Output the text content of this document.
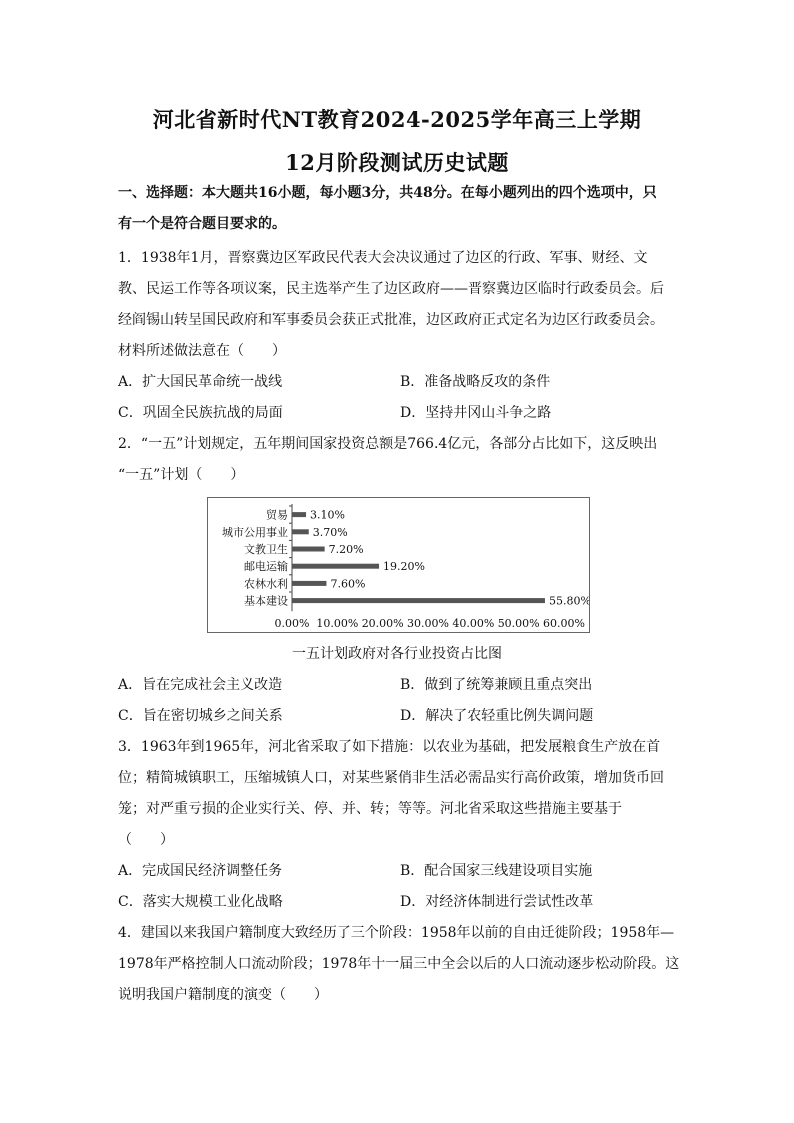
河北省新时代NT教育2024-2025学年高三上学期
12月阶段测试历史试题
一、选择题：本大题共16小题，每小题3分，共48分。在每小题列出的四个选项中，只
有一个是符合题目要求的。
1．1938年1月，晋察冀边区军政民代表大会决议通过了边区的行政、军事、财经、文
教、民运工作等各项议案，民主选举产生了边区政府——晋察冀边区临时行政委员会。后
经阎锡山转呈国民政府和军事委员会获正式批准，边区政府正式定名为边区行政委员会。
材料所述做法意在（　　）
A．扩大国民革命统一战线	B．准备战略反攻的条件
C．巩固全民族抗战的局面	D．坚持井冈山斗争之路
2．“一五”计划规定，五年期间国家投资总额是766.4亿元，各部分占比如下，这反映出
“一五”计划（　　）
贸易 3.10%
城市公用事业 3.70%
文教卫生	7.20%
邮电运输	19.20%
农林水利	7.60%
基本建设	55.80%
0.00% 10.00% 20.00% 30.00% 40.00% 50.00% 60.00%
一五计划政府对各行业投资占比图
A．旨在完成社会主义改造	B．做到了统筹兼顾且重点突出
C．旨在密切城乡之间关系	D．解决了农轻重比例失调问题
3．1963年到1965年，河北省采取了如下措施：以农业为基础，把发展粮食生产放在首
位；精简城镇职工，压缩城镇人口，对某些紧俏非生活必需品实行高价政策，增加货币回
笼；对严重亏损的企业实行关、停、并、转；等等。河北省采取这些措施主要基于
（　　）
A．完成国民经济调整任务	B．配合国家三线建设项目实施
C．落实大规模工业化战略	D．对经济体制进行尝试性改革
4．建国以来我国户籍制度大致经历了三个阶段：1958年以前的自由迁徙阶段；1958年—
1978年严格控制人口流动阶段；1978年十一届三中全会以后的人口流动逐步松动阶段。这
说明我国户籍制度的演变（　　）
